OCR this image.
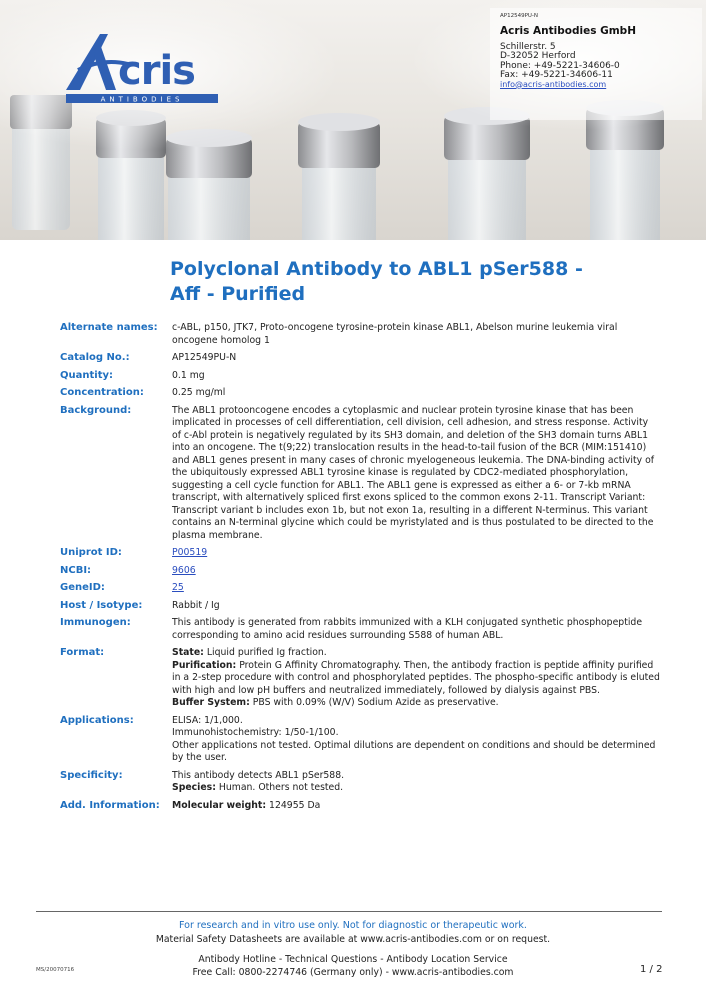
cris
ANTIBODIES
AP12549PU-N
Acris Antibodies GmbH
Schillerstr. 5
D-32052 Herford
Phone: +49-5221-34606-0
Fax: +49-5221-34606-11
info@acris-antibodies.com
Polyclonal Antibody to ABL1 pSer588 - Aff - Purified
Alternate names:	c-ABL, p150, JTK7, Proto-oncogene tyrosine-protein kinase ABL1, Abelson murine leukemia viral oncogene homolog 1
Catalog No.:	AP12549PU-N
Quantity:	0.1 mg
Concentration:	0.25 mg/ml
Background:	The ABL1 protooncogene encodes a cytoplasmic and nuclear protein tyrosine kinase that has been implicated in processes of cell differentiation, cell division, cell adhesion, and stress response. Activity of c-Abl protein is negatively regulated by its SH3 domain, and deletion of the SH3 domain turns ABL1 into an oncogene. The t(9;22) translocation results in the head-to-tail fusion of the BCR (MIM:151410) and ABL1 genes present in many cases of chronic myelogeneous leukemia. The DNA-binding activity of the ubiquitously expressed ABL1 tyrosine kinase is regulated by CDC2-mediated phosphorylation, suggesting a cell cycle function for ABL1. The ABL1 gene is expressed as either a 6- or 7-kb mRNA transcript, with alternatively spliced first exons spliced to the common exons 2-11. Transcript Variant: Transcript variant b includes exon 1b, but not exon 1a, resulting in a different N-terminus. This variant contains an N-terminal glycine which could be myristylated and is thus postulated to be directed to the plasma membrane.
Uniprot ID:	P00519
NCBI:	9606
GeneID:	25
Host / Isotype:	Rabbit / Ig
Immunogen:	This antibody is generated from rabbits immunized with a KLH conjugated synthetic phosphopeptide corresponding to amino acid residues surrounding S588 of human ABL.
Format:	State: Liquid purified Ig fraction.
Purification: Protein G Affinity Chromatography. Then, the antibody fraction is peptide affinity purified in a 2-step procedure with control and phosphorylated peptides. The phospho-specific antibody is eluted with high and low pH buffers and neutralized immediately, followed by dialysis against PBS.
Buffer System: PBS with 0.09% (W/V) Sodium Azide as preservative.
Applications:	ELISA: 1/1,000.
Immunohistochemistry: 1/50-1/100.
Other applications not tested. Optimal dilutions are dependent on conditions and should be determined by the user.
Specificity:	This antibody detects ABL1 pSer588.
Species: Human. Others not tested.
Add. Information:	Molecular weight: 124955 Da
For research and in vitro use only. Not for diagnostic or therapeutic work.
Material Safety Datasheets are available at www.acris-antibodies.com or on request.
Antibody Hotline - Technical Questions - Antibody Location Service
Free Call: 0800-2274746 (Germany only) - www.acris-antibodies.com
MS/20070716	1 / 2
